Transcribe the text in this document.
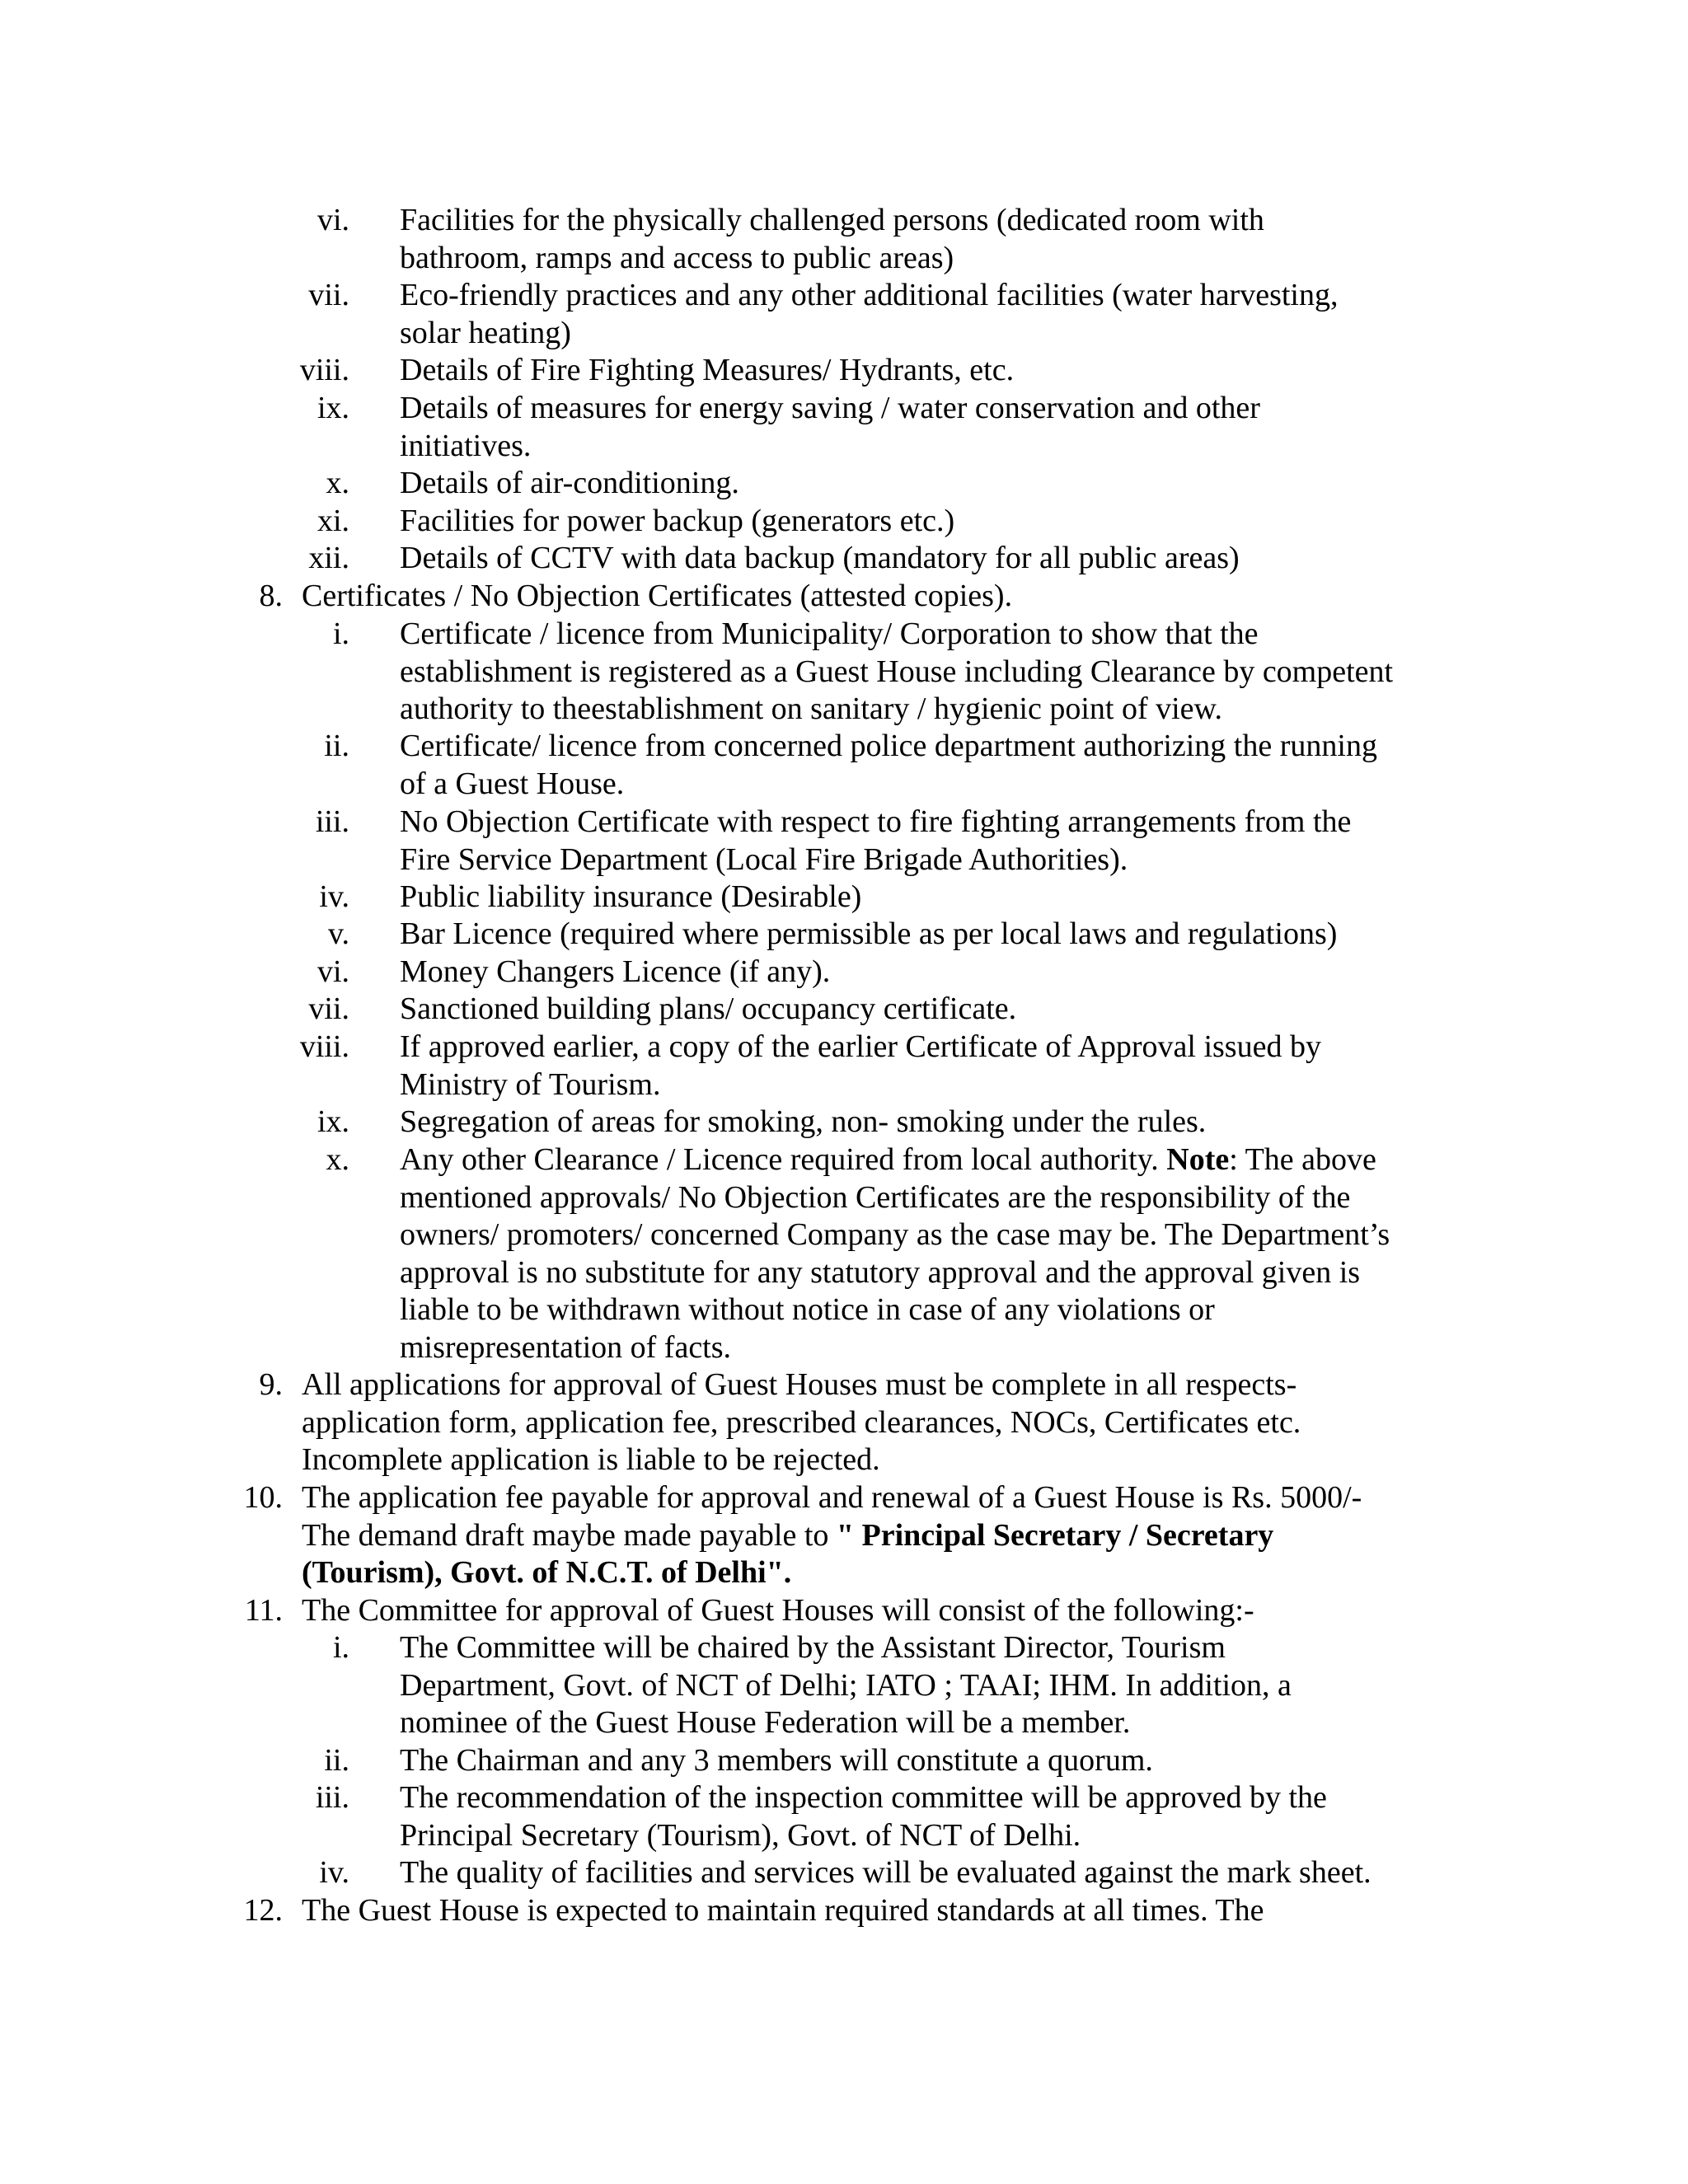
vi. Facilities for the physically challenged persons (dedicated room with
bathroom, ramps and access to public areas)
vii. Eco-friendly practices and any other additional facilities (water harvesting,
solar heating)
viii. Details of Fire Fighting Measures/ Hydrants, etc.
ix. Details of measures for energy saving / water conservation and other
initiatives.
x. Details of air-conditioning.
xi. Facilities for power backup (generators etc.)
xii. Details of CCTV with data backup (mandatory for all public areas)
8. Certificates / No Objection Certificates (attested copies).
i. Certificate / licence from Municipality/ Corporation to show that the
establishment is registered as a Guest House including Clearance by competent
authority to theestablishment on sanitary / hygienic point of view.
ii. Certificate/ licence from concerned police department authorizing the running
of a Guest House.
iii. No Objection Certificate with respect to fire fighting arrangements from the
Fire Service Department (Local Fire Brigade Authorities).
iv. Public liability insurance (Desirable)
v. Bar Licence (required where permissible as per local laws and regulations)
vi. Money Changers Licence (if any).
vii. Sanctioned building plans/ occupancy certificate.
viii. If approved earlier, a copy of the earlier Certificate of Approval issued by
Ministry of Tourism.
ix. Segregation of areas for smoking, non- smoking under the rules.
x. Any other Clearance / Licence required from local authority. Note: The above
mentioned approvals/ No Objection Certificates are the responsibility of the
owners/ promoters/ concerned Company as the case may be. The Department’s
approval is no substitute for any statutory approval and the approval given is
liable to be withdrawn without notice in case of any violations or
misrepresentation of facts.
9. All applications for approval of Guest Houses must be complete in all respects-
application form, application fee, prescribed clearances, NOCs, Certificates etc.
Incomplete application is liable to be rejected.
10. The application fee payable for approval and renewal of a Guest House is Rs. 5000/-
The demand draft maybe made payable to " Principal Secretary / Secretary
(Tourism), Govt. of N.C.T. of Delhi".
11. The Committee for approval of Guest Houses will consist of the following:-
i. The Committee will be chaired by the Assistant Director, Tourism
Department, Govt. of NCT of Delhi; IATO ; TAAI; IHM. In addition, a
nominee of the Guest House Federation will be a member.
ii. The Chairman and any 3 members will constitute a quorum.
iii. The recommendation of the inspection committee will be approved by the
Principal Secretary (Tourism), Govt. of NCT of Delhi.
iv. The quality of facilities and services will be evaluated against the mark sheet.
12. The Guest House is expected to maintain required standards at all times. The
